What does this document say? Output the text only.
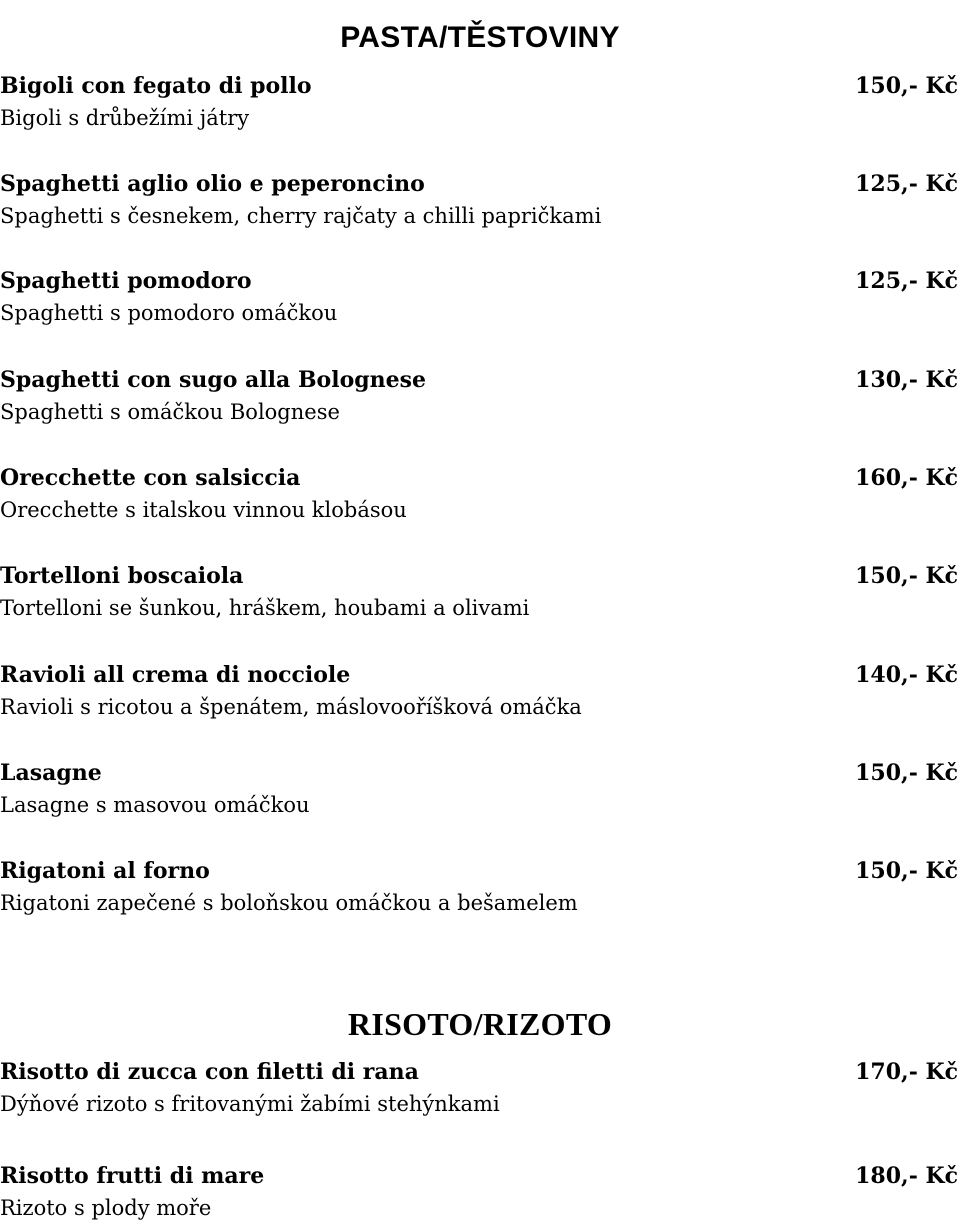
PASTA/TĚSTOVINY
Bigoli con fegato di pollo
Bigoli s drůbežími játry
150,- Kč
Spaghetti aglio olio e peperoncino
Spaghetti s česnekem, cherry rajčaty a chilli papričkami
125,- Kč
Spaghetti pomodoro
Spaghetti s pomodoro omáčkou
125,- Kč
Spaghetti con sugo alla Bolognese
Spaghetti s omáčkou Bolognese
130,- Kč
Orecchette con salsiccia
Orecchette s italskou vinnou klobásou
160,- Kč
Tortelloni boscaiola
Tortelloni se šunkou, hráškem, houbami a olivami
150,- Kč
Ravioli all crema di nocciole
Ravioli s ricotou a špenátem, máslovooříšková omáčka
140,- Kč
Lasagne
Lasagne s masovou omáčkou
150,- Kč
Rigatoni al forno
Rigatoni zapečené s boloňskou omáčkou a bešamelem
150,- Kč
RISOTO/RIZOTO
Risotto di zucca con filetti di rana
Dýňové rizoto s fritovanými žabími stehýnkami
170,- Kč
Risotto frutti di mare
Rizoto s plody moře
180,- Kč
